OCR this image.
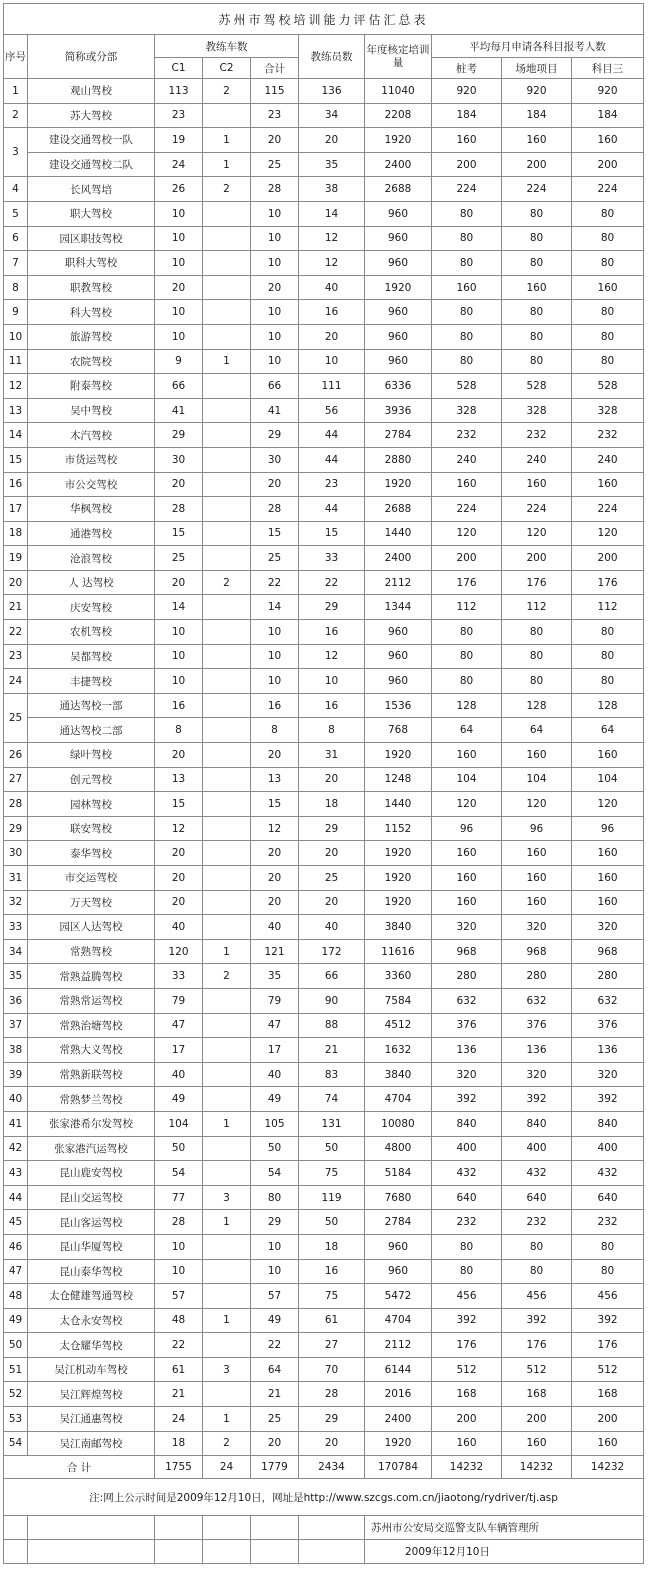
苏州市驾校培训能力评估汇总表									
序号	简称或分部	教练车数			教练员数	年度核定培训量	平均每月申请各科目报考人数		
		C1	C2	合计			桩考	场地项目	科目三
1	观山驾校	113	2	115	136	11040	920	920	920
2	苏大驾校	23		23	34	2208	184	184	184
3	建设交通驾校一队	19	1	20	20	1920	160	160	160
	建设交通驾校二队	24	1	25	35	2400	200	200	200
4	长风驾培	26	2	28	38	2688	224	224	224
5	职大驾校	10		10	14	960	80	80	80
6	园区职技驾校	10		10	12	960	80	80	80
7	职科大驾校	10		10	12	960	80	80	80
8	职教驾校	20		20	40	1920	160	160	160
9	科大驾校	10		10	16	960	80	80	80
10	旅游驾校	10		10	20	960	80	80	80
11	农院驾校	9	1	10	10	960	80	80	80
12	附泰驾校	66		66	111	6336	528	528	528
13	吴中驾校	41		41	56	3936	328	328	328
14	木汽驾校	29		29	44	2784	232	232	232
15	市货运驾校	30		30	44	2880	240	240	240
16	市公交驾校	20		20	23	1920	160	160	160
17	华枫驾校	28		28	44	2688	224	224	224
18	通港驾校	15		15	15	1440	120	120	120
19	沧浪驾校	25		25	33	2400	200	200	200
20	人 达驾校	20	2	22	22	2112	176	176	176
21	庆安驾校	14		14	29	1344	112	112	112
22	农机驾校	10		10	16	960	80	80	80
23	吴都驾校	10		10	12	960	80	80	80
24	丰捷驾校	10		10	10	960	80	80	80
25	通达驾校一部	16		16	16	1536	128	128	128
	通达驾校二部	8		8	8	768	64	64	64
26	绿叶驾校	20		20	31	1920	160	160	160
27	创元驾校	13		13	20	1248	104	104	104
28	园林驾校	15		15	18	1440	120	120	120
29	联安驾校	12		12	29	1152	96	96	96
30	泰华驾校	20		20	20	1920	160	160	160
31	市交运驾校	20		20	25	1920	160	160	160
32	万天驾校	20		20	20	1920	160	160	160
33	园区人达驾校	40		40	40	3840	320	320	320
34	常熟驾校	120	1	121	172	11616	968	968	968
35	常熟益腾驾校	33	2	35	66	3360	280	280	280
36	常熟常运驾校	79		79	90	7584	632	632	632
37	常熟治塘驾校	47		47	88	4512	376	376	376
38	常熟大义驾校	17		17	21	1632	136	136	136
39	常熟新联驾校	40		40	83	3840	320	320	320
40	常熟梦兰驾校	49		49	74	4704	392	392	392
41	张家港希尔发驾校	104	1	105	131	10080	840	840	840
42	张家港汽运驾校	50		50	50	4800	400	400	400
43	昆山鹿安驾校	54		54	75	5184	432	432	432
44	昆山交运驾校	77	3	80	119	7680	640	640	640
45	昆山客运驾校	28	1	29	50	2784	232	232	232
46	昆山华厦驾校	10		10	18	960	80	80	80
47	昆山泰华驾校	10		10	16	960	80	80	80
48	太仓健雄驾通驾校	57		57	75	5472	456	456	456
49	太仓永安驾校	48	1	49	61	4704	392	392	392
50	太仓耀华驾校	22		22	27	2112	176	176	176
51	吴江机动车驾校	61	3	64	70	6144	512	512	512
52	吴江辉煌驾校	21		21	28	2016	168	168	168
53	吴江通惠驾校	24	1	25	29	2400	200	200	200
54	吴江南邮驾校	18	2	20	20	1920	160	160	160
合 计		1755	24	1779	2434	170784	14232	14232	14232
注:网上公示时间是2009年12月10日，网址是http://www.szcgs.com.cn/jiaotong/rydriver/tj.asp									
						苏州市公安局交巡警支队车辆管理所			
						2009年12月10日			
